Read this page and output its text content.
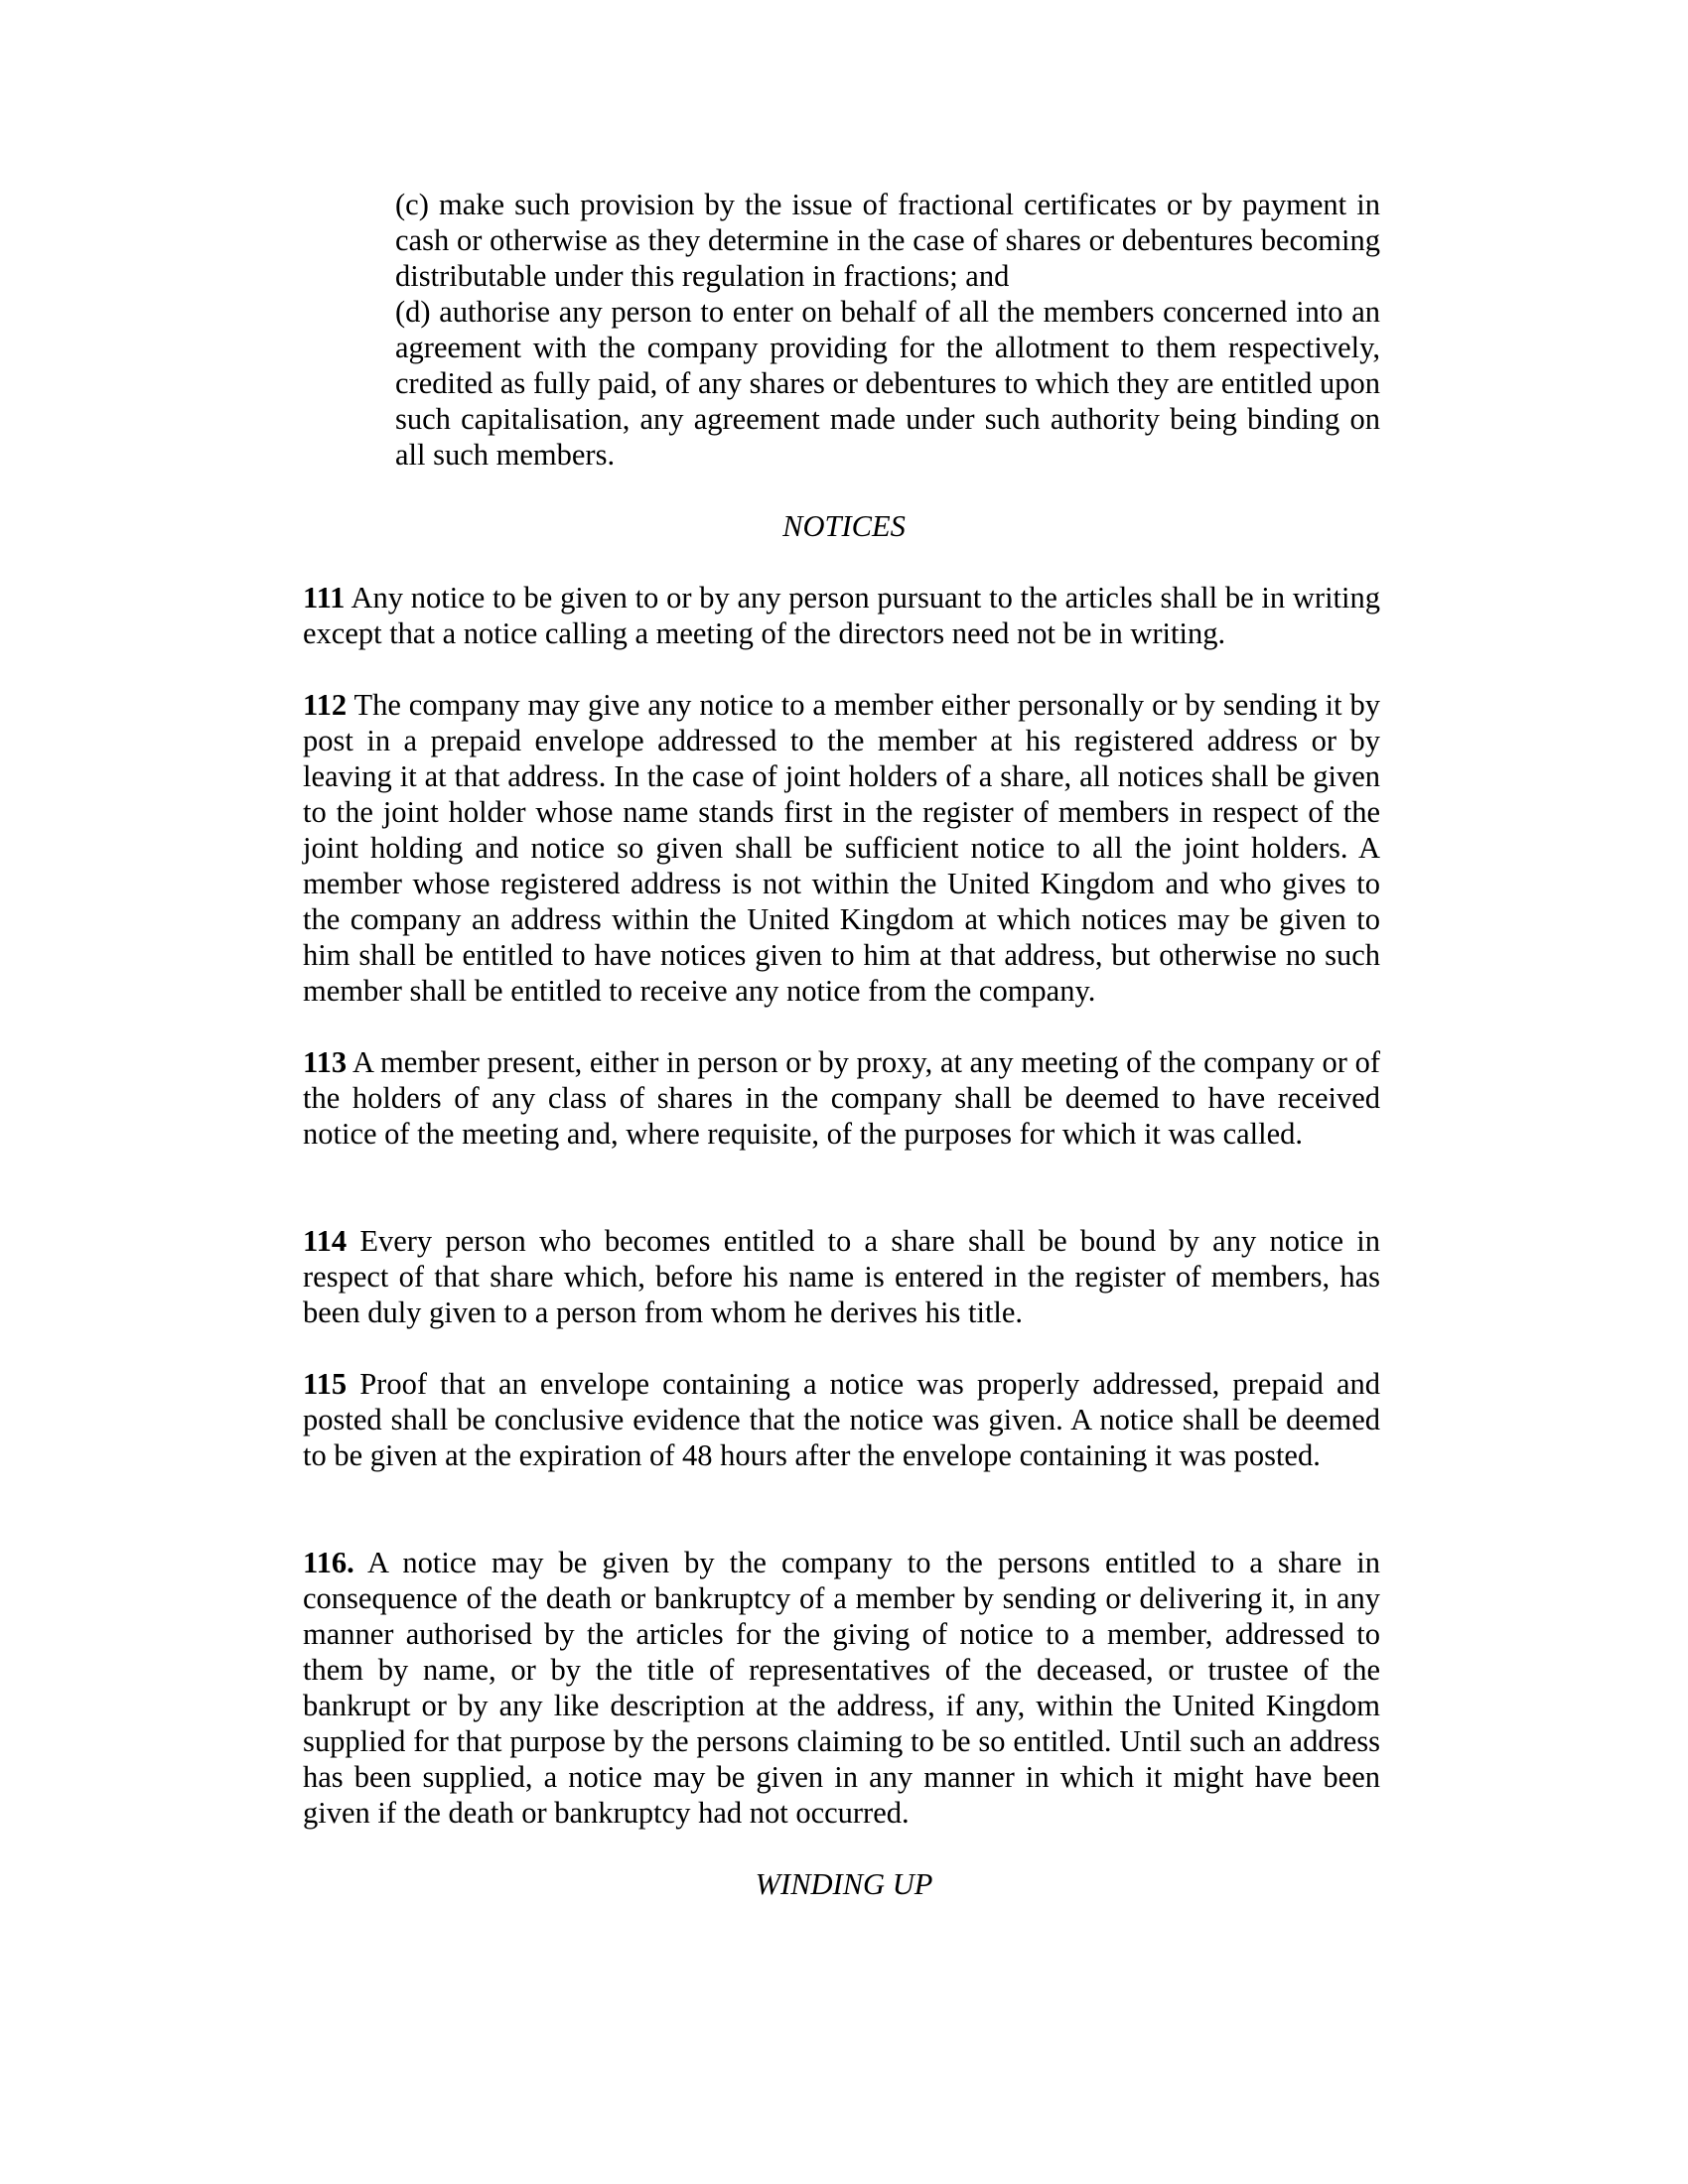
(c) make such provision by the issue of fractional certificates or by payment in cash or otherwise as they determine in the case of shares or debentures becoming distributable under this regulation in fractions; and

(d) authorise any person to enter on behalf of all the members concerned into an agreement with the company providing for the allotment to them respectively, credited as fully paid, of any shares or debentures to which they are entitled upon such capitalisation, any agreement made under such authority being binding on all such members.

NOTICES

111 Any notice to be given to or by any person pursuant to the articles shall be in writing except that a notice calling a meeting of the directors need not be in writing.

112 The company may give any notice to a member either personally or by sending it by post in a prepaid envelope addressed to the member at his registered address or by leaving it at that address. In the case of joint holders of a share, all notices shall be given to the joint holder whose name stands first in the register of members in respect of the joint holding and notice so given shall be sufficient notice to all the joint holders. A member whose registered address is not within the United Kingdom and who gives to the company an address within the United Kingdom at which notices may be given to him shall be entitled to have notices given to him at that address, but otherwise no such member shall be entitled to receive any notice from the company.

113 A member present, either in person or by proxy, at any meeting of the company or of the holders of any class of shares in the company shall be deemed to have received notice of the meeting and, where requisite, of the purposes for which it was called.

114 Every person who becomes entitled to a share shall be bound by any notice in respect of that share which, before his name is entered in the register of members, has been duly given to a person from whom he derives his title.

115 Proof that an envelope containing a notice was properly addressed, prepaid and posted shall be conclusive evidence that the notice was given. A notice shall be deemed to be given at the expiration of 48 hours after the envelope containing it was posted.

116. A notice may be given by the company to the persons entitled to a share in consequence of the death or bankruptcy of a member by sending or delivering it, in any manner authorised by the articles for the giving of notice to a member, addressed to them by name, or by the title of representatives of the deceased, or trustee of the bankrupt or by any like description at the address, if any, within the United Kingdom supplied for that purpose by the persons claiming to be so entitled. Until such an address has been supplied, a notice may be given in any manner in which it might have been given if the death or bankruptcy had not occurred.

WINDING UP
